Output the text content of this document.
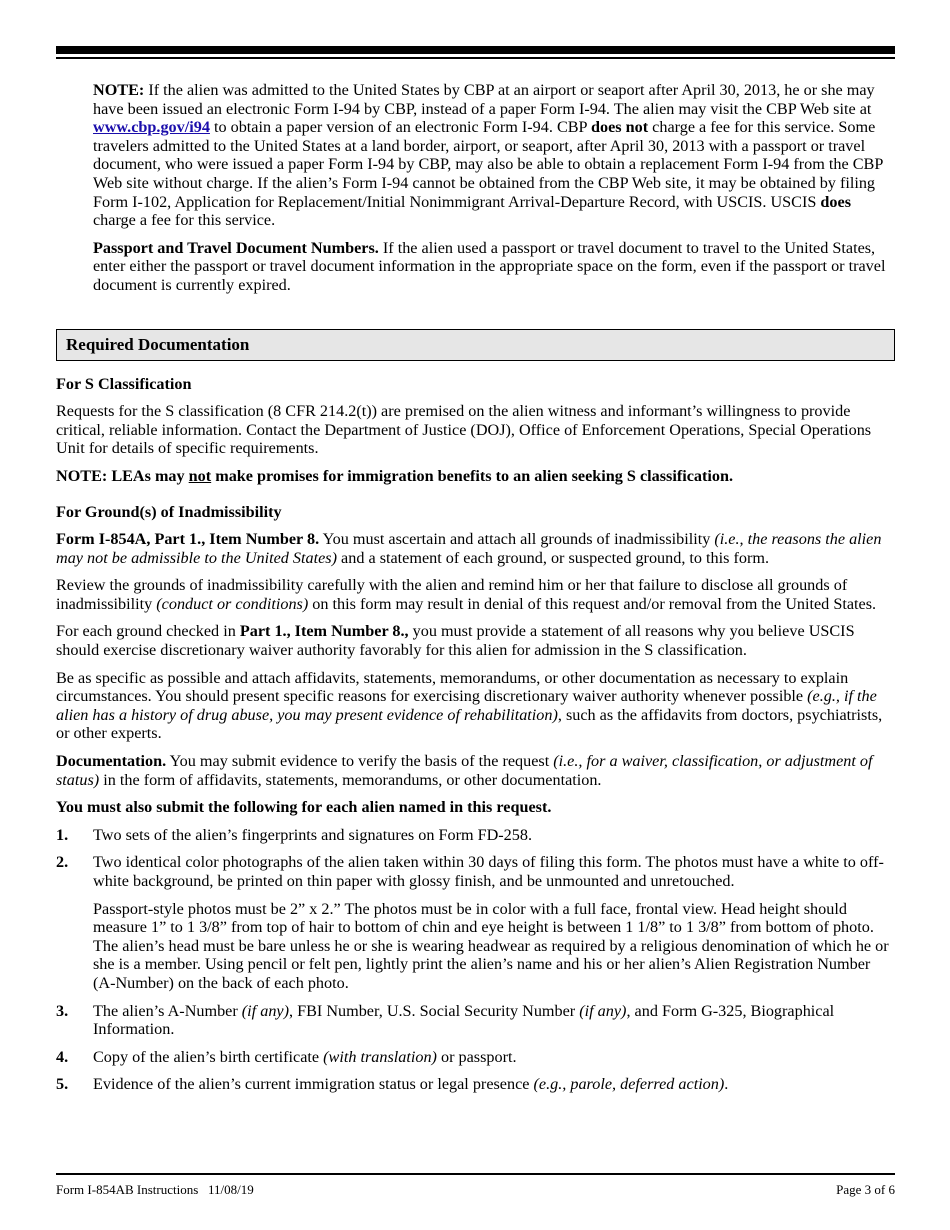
NOTE: If the alien was admitted to the United States by CBP at an airport or seaport after April 30, 2013, he or she may have been issued an electronic Form I-94 by CBP, instead of a paper Form I-94. The alien may visit the CBP Web site at www.cbp.gov/i94 to obtain a paper version of an electronic Form I-94. CBP does not charge a fee for this service. Some travelers admitted to the United States at a land border, airport, or seaport, after April 30, 2013 with a passport or travel document, who were issued a paper Form I-94 by CBP, may also be able to obtain a replacement Form I-94 from the CBP Web site without charge. If the alien’s Form I-94 cannot be obtained from the CBP Web site, it may be obtained by filing Form I-102, Application for Replacement/Initial Nonimmigrant Arrival-Departure Record, with USCIS. USCIS does charge a fee for this service.

Passport and Travel Document Numbers. If the alien used a passport or travel document to travel to the United States, enter either the passport or travel document information in the appropriate space on the form, even if the passport or travel document is currently expired.

Required Documentation

For S Classification

Requests for the S classification (8 CFR 214.2(t)) are premised on the alien witness and informant’s willingness to provide critical, reliable information. Contact the Department of Justice (DOJ), Office of Enforcement Operations, Special Operations Unit for details of specific requirements.

NOTE: LEAs may not make promises for immigration benefits to an alien seeking S classification.

For Ground(s) of Inadmissibility

Form I-854A, Part 1., Item Number 8. You must ascertain and attach all grounds of inadmissibility (i.e., the reasons the alien may not be admissible to the United States) and a statement of each ground, or suspected ground, to this form.

Review the grounds of inadmissibility carefully with the alien and remind him or her that failure to disclose all grounds of inadmissibility (conduct or conditions) on this form may result in denial of this request and/or removal from the United States.

For each ground checked in Part 1., Item Number 8., you must provide a statement of all reasons why you believe USCIS should exercise discretionary waiver authority favorably for this alien for admission in the S classification.

Be as specific as possible and attach affidavits, statements, memorandums, or other documentation as necessary to explain circumstances. You should present specific reasons for exercising discretionary waiver authority whenever possible (e.g., if the alien has a history of drug abuse, you may present evidence of rehabilitation), such as the affidavits from doctors, psychiatrists, or other experts.

Documentation. You may submit evidence to verify the basis of the request (i.e., for a waiver, classification, or adjustment of status) in the form of affidavits, statements, memorandums, or other documentation.

You must also submit the following for each alien named in this request.

1. Two sets of the alien’s fingerprints and signatures on Form FD-258.
2. Two identical color photographs of the alien taken within 30 days of filing this form. The photos must have a white to off-white background, be printed on thin paper with glossy finish, and be unmounted and unretouched.

Passport-style photos must be 2” x 2.” The photos must be in color with a full face, frontal view. Head height should measure 1” to 1 3/8” from top of hair to bottom of chin and eye height is between 1 1/8” to 1 3/8” from bottom of photo. The alien’s head must be bare unless he or she is wearing headwear as required by a religious denomination of which he or she is a member. Using pencil or felt pen, lightly print the alien’s name and his or her alien’s Alien Registration Number (A-Number) on the back of each photo.

3. The alien’s A-Number (if any), FBI Number, U.S. Social Security Number (if any), and Form G-325, Biographical Information.
4. Copy of the alien’s birth certificate (with translation) or passport.
5. Evidence of the alien’s current immigration status or legal presence (e.g., parole, deferred action).
Form I-854AB Instructions   11/08/19	Page 3 of 6
